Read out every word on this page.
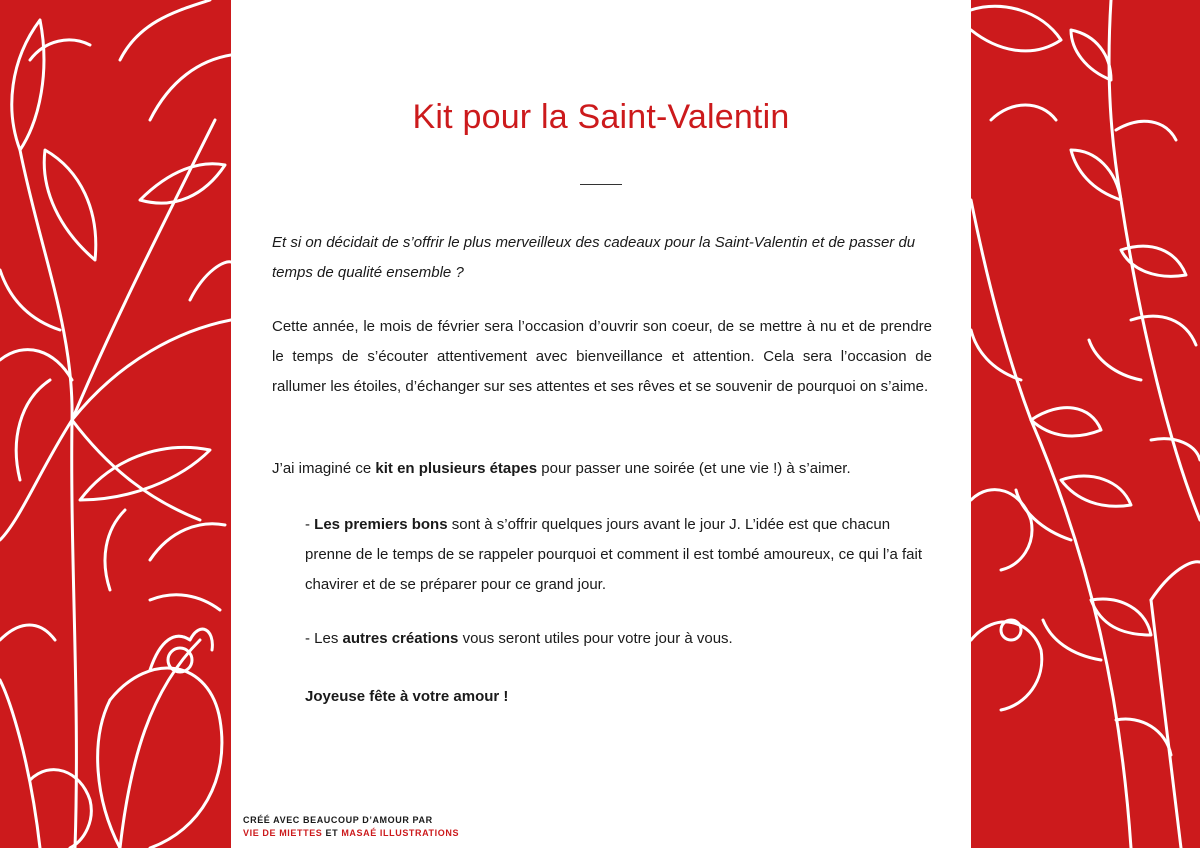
Kit pour la Saint-Valentin

Et si on décidait de s’offrir le plus merveilleux des cadeaux pour la Saint-Valentin et de passer du temps de qualité ensemble ?

Cette année, le mois de février sera l’occasion d’ouvrir son coeur, de se mettre à nu et de prendre le temps de s’écouter attentivement avec bienveillance et attention. Cela sera l’occasion de rallumer les étoiles, d’échanger sur ses attentes et ses rêves et se souvenir de pourquoi on s’aime.

J’ai imaginé ce kit en plusieurs étapes pour passer une soirée (et une vie !) à s’aimer.

- Les premiers bons sont à s’offrir quelques jours avant le jour J. L’idée est que chacun prenne de le temps de se rappeler pourquoi et comment il est tombé amoureux, ce qui l’a fait chavirer et de se préparer pour ce grand jour.

- Les autres créations vous seront utiles pour votre jour à vous.

Joyeuse fête à votre amour !

CRÉÉ AVEC BEAUCOUP D’AMOUR PAR
VIE DE MIETTES ET MASAÉ ILLUSTRATIONS
